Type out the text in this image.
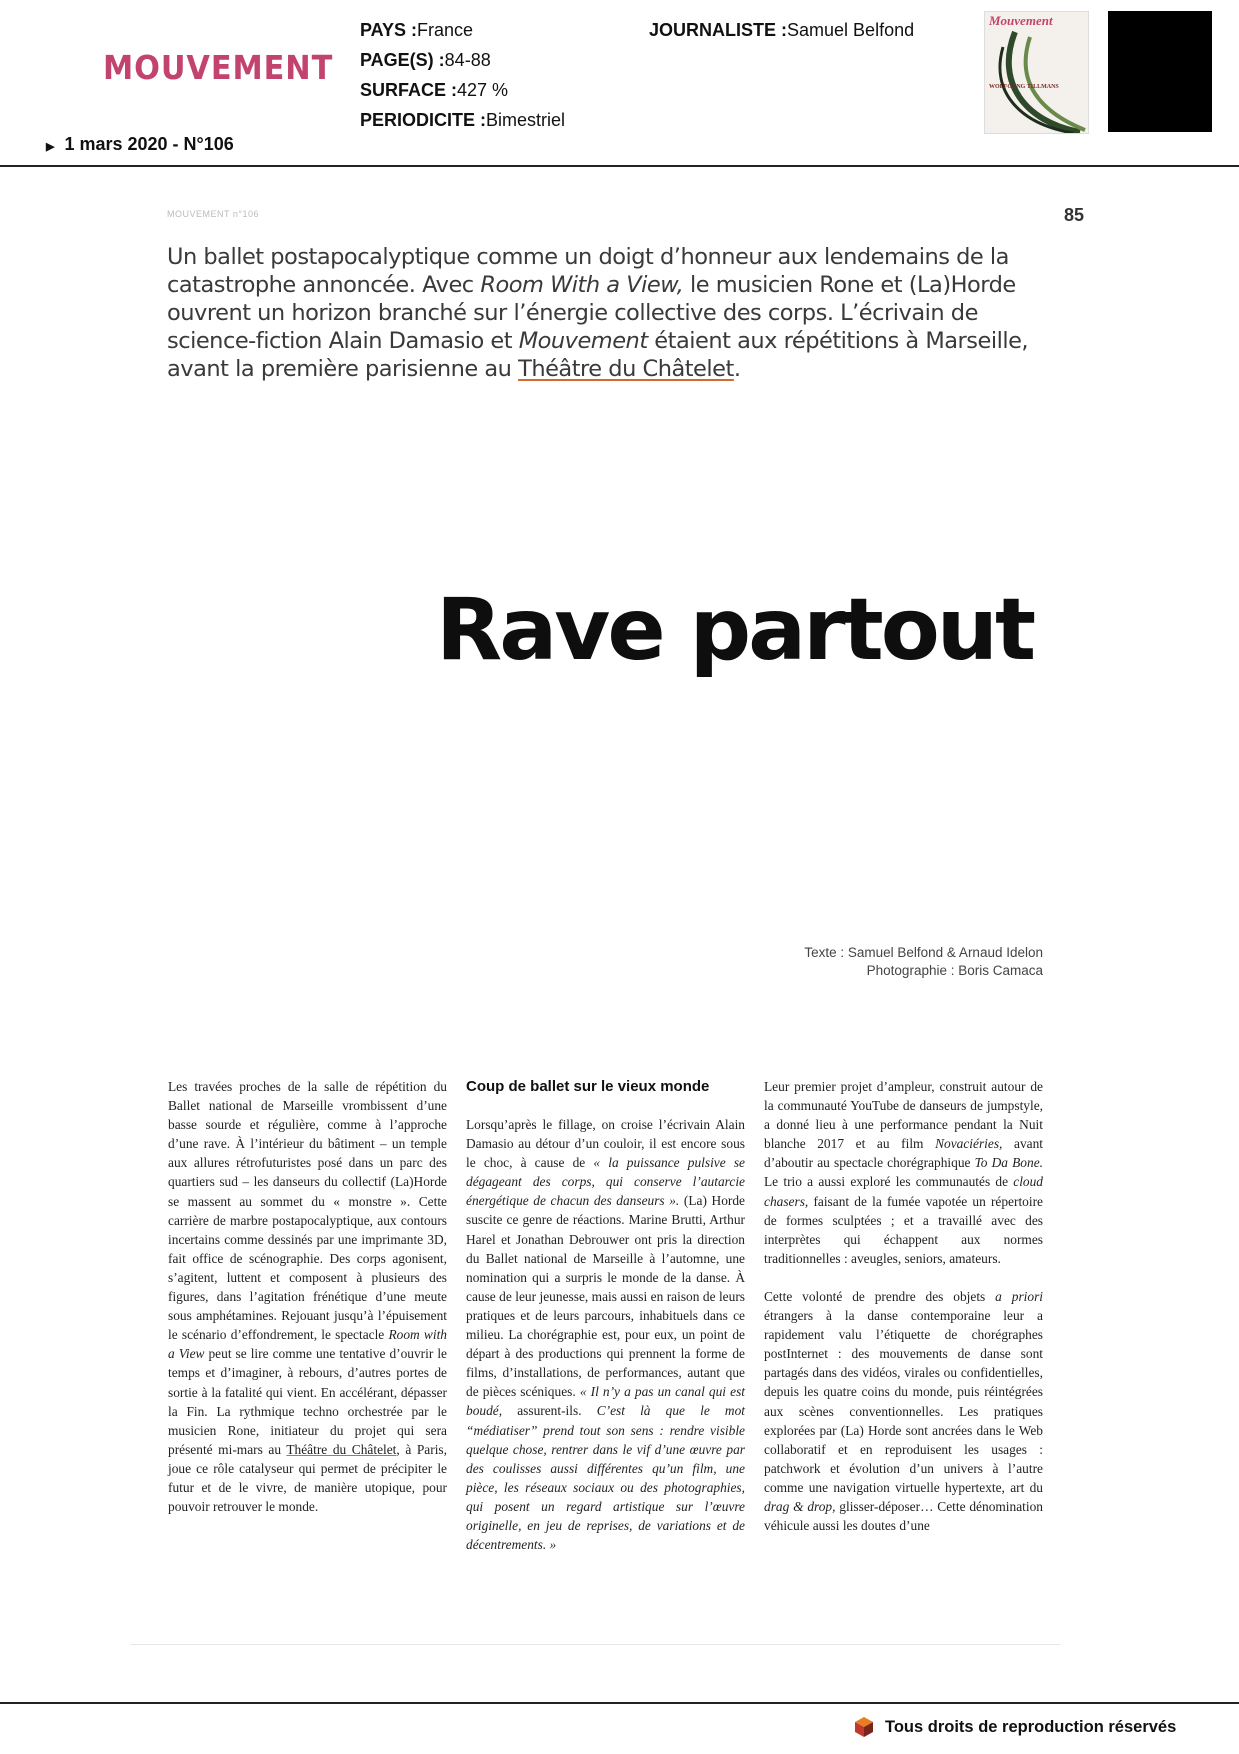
MOUVEMENT
▶ 1 mars 2020 - N°106
PAYS :France
PAGE(S) :84-88
SURFACE :427 %
PERIODICITE :Bimestriel
JOURNALISTE :Samuel Belfond	Mouvement
WOLFGANG TILLMANS
MOUVEMENT n°106	85
Un ballet postapocalyptique comme un doigt d’honneur aux lendemains de la catastrophe annoncée. Avec Room With a View, le musicien Rone et (La)Horde ouvrent un horizon branché sur l’énergie collective des corps. L’écrivain de science-fiction Alain Damasio et Mouvement étaient aux répétitions à Marseille, avant la première parisienne au Théâtre du Châtelet.
Rave partout
Texte : Samuel Belfond & Arnaud Idelon
Photographie : Boris Camaca

Les travées proches de la salle de répétition du Ballet national de Marseille vrombissent d’une basse sourde et régulière, comme à l’approche d’une rave. À l’intérieur du bâtiment – un temple aux allures rétrofuturistes posé dans un parc des quartiers sud – les danseurs du collectif (La)Horde se massent au sommet du « monstre ». Cette carrière de marbre postapocalyptique, aux contours incertains comme dessinés par une imprimante 3D, fait office de scénographie. Des corps agonisent, s’agitent, luttent et composent à plusieurs des figures, dans l’agitation frénétique d’une meute sous amphétamines. Rejouant jusqu’à l’épuisement le scénario d’effondrement, le spectacle Room with a View peut se lire comme une tentative d’ouvrir le temps et d’imaginer, à rebours, d’autres portes de sortie à la fatalité qui vient. En accélérant, dépasser la Fin. La rythmique techno orchestrée par le musicien Rone, initiateur du projet qui sera présenté mi-mars au Théâtre du Châtelet, à Paris, joue ce rôle catalyseur qui permet de précipiter le futur et de le vivre, de manière utopique, pour pouvoir retrouver le monde.

Coup de ballet sur le vieux monde

Lorsqu’après le fillage, on croise l’écrivain Alain Damasio au détour d’un couloir, il est encore sous le choc, à cause de « la puissance pulsive se dégageant des corps, qui conserve l’autarcie énergétique de chacun des danseurs ». (La) Horde suscite ce genre de réactions. Marine Brutti, Arthur Harel et Jonathan Debrouwer ont pris la direction du Ballet national de Marseille à l’automne, une nomination qui a surpris le monde de la danse. À cause de leur jeunesse, mais aussi en raison de leurs pratiques et de leurs parcours, inhabituels dans ce milieu. La chorégraphie est, pour eux, un point de départ à des productions qui prennent la forme de films, d’installations, de performances, autant que de pièces scéniques. « Il n’y a pas un canal qui est boudé, assurent-ils. C’est là que le mot “médiatiser” prend tout son sens : rendre visible quelque chose, rentrer dans le vif d’une œuvre par des coulisses aussi différentes qu’un film, une pièce, les réseaux sociaux ou des photographies, qui posent un regard artistique sur l’œuvre originelle, en jeu de reprises, de variations et de décentrements. »

Leur premier projet d’ampleur, construit autour de la communauté YouTube de danseurs de jumpstyle, a donné lieu à une performance pendant la Nuit blanche 2017 et au film Novaciéries, avant d’aboutir au spectacle chorégraphique To Da Bone. Le trio a aussi exploré les communautés de cloud chasers, faisant de la fumée vapotée un répertoire de formes sculptées ; et a travaillé avec des interprètes qui échappent aux normes traditionnelles : aveugles, seniors, amateurs.

Cette volonté de prendre des objets a priori étrangers à la danse contemporaine leur a rapidement valu l’étiquette de chorégraphes postInternet : des mouvements de danse sont partagés dans des vidéos, virales ou confidentielles, depuis les quatre coins du monde, puis réintégrées aux scènes conventionnelles. Les pratiques explorées par (La) Horde sont ancrées dans le Web collaboratif et en reproduisent les usages : patchwork et évolution d’un univers à l’autre comme une navigation virtuelle hypertexte, art du drag & drop, glisser-déposer… Cette dénomination véhicule aussi les doutes d’une

Tous droits de reproduction réservés
